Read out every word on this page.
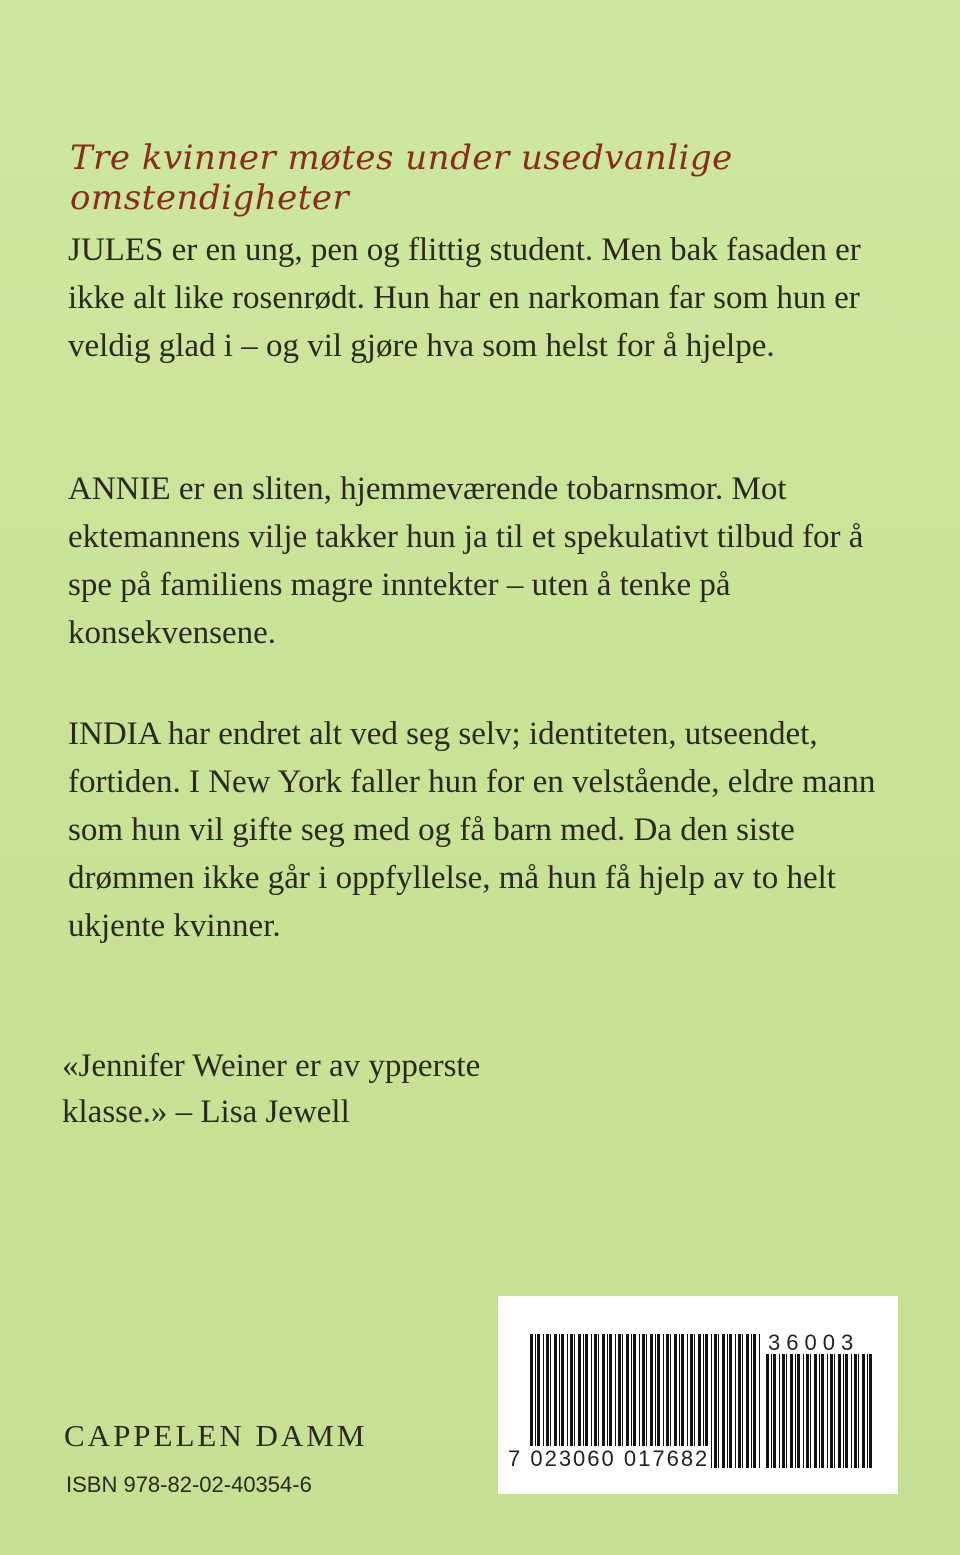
Tre kvinner møtes under usedvanlige omstendigheter

JULES er en ung, pen og flittig student. Men bak fasaden er ikke alt like rosenrødt. Hun har en narkoman far som hun er veldig glad i – og vil gjøre hva som helst for å hjelpe.

ANNIE er en sliten, hjemmeværende tobarnsmor. Mot ektemannens vilje takker hun ja til et spekulativt tilbud for å spe på familiens magre inntekter – uten å tenke på konsekvensene.

INDIA har endret alt ved seg selv; identiteten, utseendet, fortiden. I New York faller hun for en velstående, eldre mann som hun vil gifte seg med og få barn med. Da den siste drømmen ikke går i oppfyllelse, må hun få hjelp av to helt ukjente kvinner.

«Jennifer Weiner er av ypperste klasse.» – Lisa Jewell

CAPPELEN DAMM
ISBN 978-82-02-40354-6
36003
7 023060 017682
